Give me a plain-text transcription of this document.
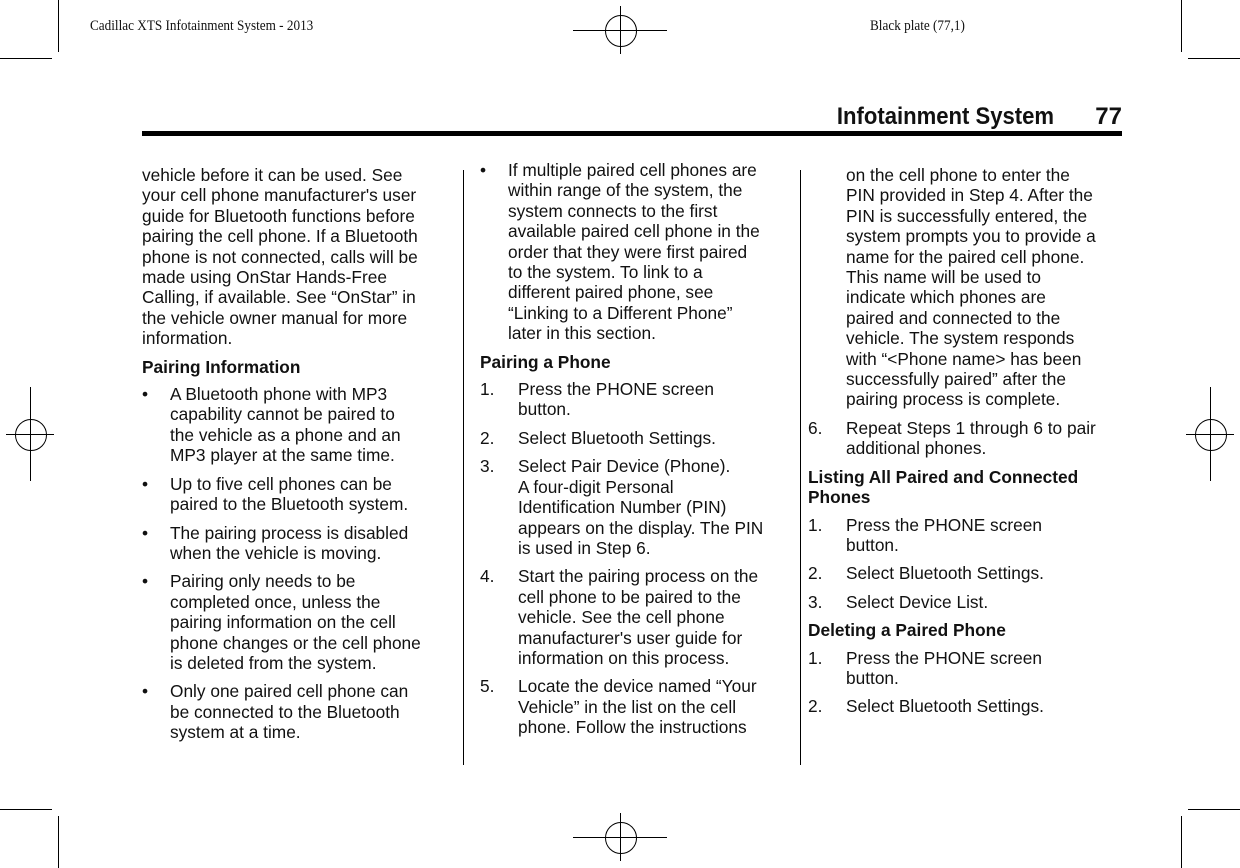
Cadillac XTS Infotainment System - 2013	Black plate (77,1)
Infotainment System 77
vehicle before it can be used. See
your cell phone manufacturer's user
guide for Bluetooth functions before
pairing the cell phone. If a Bluetooth
phone is not connected, calls will be
made using OnStar Hands-Free
Calling, if available. See “OnStar” in
the vehicle owner manual for more
information.
Pairing Information
• A Bluetooth phone with MP3
capability cannot be paired to
the vehicle as a phone and an
MP3 player at the same time.
• Up to five cell phones can be
paired to the Bluetooth system.
• The pairing process is disabled
when the vehicle is moving.
• Pairing only needs to be
completed once, unless the
pairing information on the cell
phone changes or the cell phone
is deleted from the system.
• Only one paired cell phone can
be connected to the Bluetooth
system at a time.
• If multiple paired cell phones are
within range of the system, the
system connects to the first
available paired cell phone in the
order that they were first paired
to the system. To link to a
different paired phone, see
“Linking to a Different Phone”
later in this section.
Pairing a Phone
1. Press the PHONE screen
button.
2. Select Bluetooth Settings.
3. Select Pair Device (Phone).
A four-digit Personal
Identification Number (PIN)
appears on the display. The PIN
is used in Step 6.
4. Start the pairing process on the
cell phone to be paired to the
vehicle. See the cell phone
manufacturer's user guide for
information on this process.
5. Locate the device named “Your
Vehicle” in the list on the cell
phone. Follow the instructions
on the cell phone to enter the
PIN provided in Step 4. After the
PIN is successfully entered, the
system prompts you to provide a
name for the paired cell phone.
This name will be used to
indicate which phones are
paired and connected to the
vehicle. The system responds
with “<Phone name> has been
successfully paired” after the
pairing process is complete.
6. Repeat Steps 1 through 6 to pair
additional phones.
Listing All Paired and Connected
Phones
1. Press the PHONE screen
button.
2. Select Bluetooth Settings.
3. Select Device List.
Deleting a Paired Phone
1. Press the PHONE screen
button.
2. Select Bluetooth Settings.
